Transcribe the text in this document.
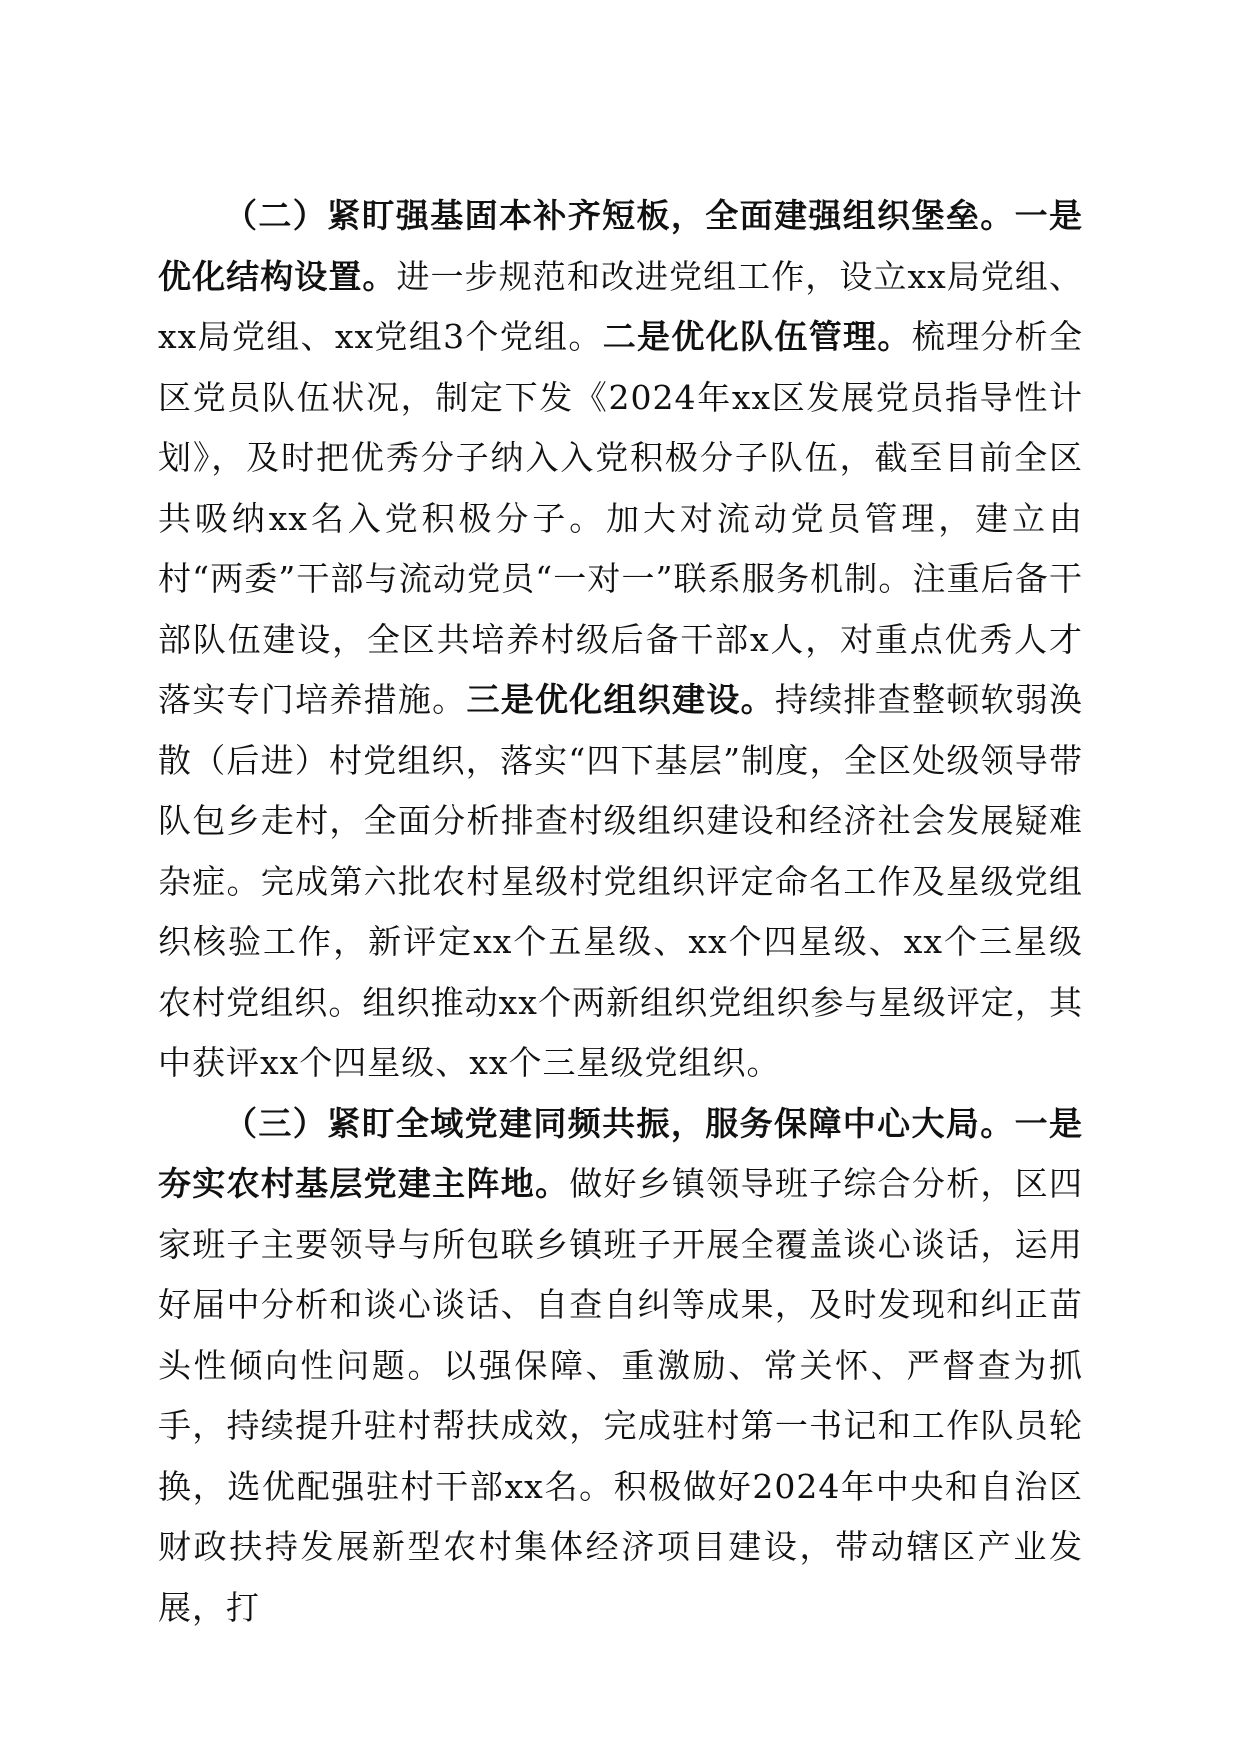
（二）紧盯强基固本补齐短板，全面建强组织堡垒。一是优化结构设置。进一步规范和改进党组工作，设立xx局党组、xx局党组、xx党组3个党组。二是优化队伍管理。梳理分析全区党员队伍状况，制定下发《2024年xx区发展党员指导性计划》，及时把优秀分子纳入入党积极分子队伍，截至目前全区共吸纳xx名入党积极分子。加大对流动党员管理，建立由村“两委”干部与流动党员“一对一”联系服务机制。注重后备干部队伍建设，全区共培养村级后备干部x人，对重点优秀人才落实专门培养措施。三是优化组织建设。持续排查整顿软弱涣散（后进）村党组织，落实“四下基层”制度，全区处级领导带队包乡走村，全面分析排查村级组织建设和经济社会发展疑难杂症。完成第六批农村星级村党组织评定命名工作及星级党组织核验工作，新评定xx个五星级、xx个四星级、xx个三星级农村党组织。组织推动xx个两新组织党组织参与星级评定，其中获评xx个四星级、xx个三星级党组织。

（三）紧盯全域党建同频共振，服务保障中心大局。一是夯实农村基层党建主阵地。做好乡镇领导班子综合分析，区四家班子主要领导与所包联乡镇班子开展全覆盖谈心谈话，运用好届中分析和谈心谈话、自查自纠等成果，及时发现和纠正苗头性倾向性问题。以强保障、重激励、常关怀、严督查为抓手，持续提升驻村帮扶成效，完成驻村第一书记和工作队员轮换，选优配强驻村干部xx名。积极做好2024年中央和自治区财政扶持发展新型农村集体经济项目建设，带动辖区产业发展，打
